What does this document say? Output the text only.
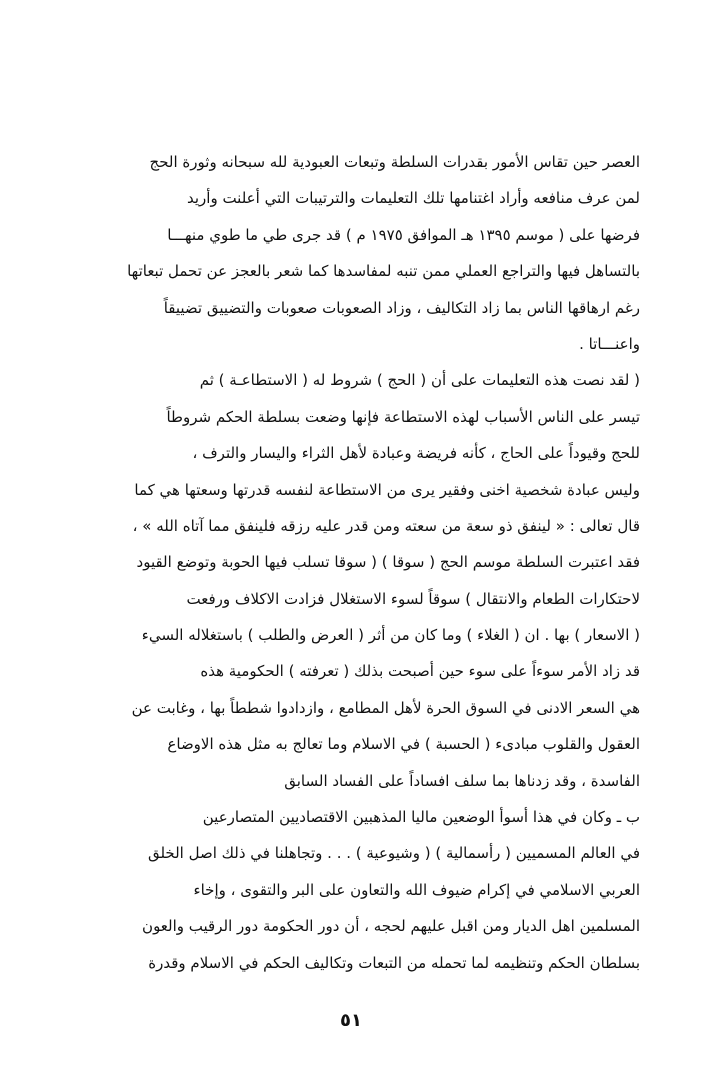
العصر حين تقاس الأمور بقدرات السلطة وتبعات العبودية لله سبحانه وثورة الحج
لمن عرف منافعه وأراد اغتنامها تلك التعليمات والترتيبات التي أعلنت وأريد
فرضها على ( موسم ١٣٩٥ هـ الموافق ١٩٧٥ م ) قد جرى طي ما طوي منهـــا
بالتساهل فيها والتراجع العملي ممن تنبه لمفاسدها كما شعر بالعجز عن تحمل تبعاتها
رغم ارهاقها الناس بما زاد التكاليف ، وزاد الصعوبات صعوبات والتضييق تضييقاً
واعنـــاتا .
( لقد نصت هذه التعليمات على أن ( الحج ) شروط له ( الاستطاعـة ) ثم
تيسر على الناس الأسباب لهذه الاستطاعة فإنها وضعت بسلطة الحكم شروطاً
للحج وقيوداً على الحاج ، كأنه فريضة وعبادة لأهل الثراء واليسار والترف ،
وليس عبادة شخصية اخنى وفقير يرى من الاستطاعة لنفسه قدرتها وسعتها هي كما
قال تعالى : « لينفق ذو سعة من سعته ومن قدر عليه رزقه فلينفق مما آتاه الله » ،
فقد اعتبرت السلطة موسم الحج ( سوقا ) ( سوقا تسلب فيها الحوبة وتوضع القيود
لاحتكارات الطعام والانتقال ) سوقاً لسوء الاستغلال فزادت الاكلاف ورفعت
( الاسعار ) بها . ان ( الغلاء ) وما كان من أثر ( العرض والطلب ) باستغلاله السيء
قد زاد الأمر سوءاً على سوء حين أصبحت بذلك ( تعرفته ) الحكومية هذه
هي السعر الادنى في السوق الحرة لأهل المطامع ، وازدادوا شططاً بها ، وغابت عن
العقول والقلوب مبادىء ( الحسبة ) في الاسلام وما تعالج به مثل هذه الاوضاع
الفاسدة ، وقد زدناها بما سلف افساداً على الفساد السابق
ب ـ وكان في هذا أسوأ الوضعين ماليا المذهبين الاقتصاديين المتصارعين
في العالم المسميين ( رأسمالية ) ( وشيوعية ) . . . وتجاهلنا في ذلك اصل الخلق
العربي الاسلامي في إكرام ضيوف الله والتعاون على البر والتقوى ، وإخاء
المسلمين اهل الديار ومن اقبل عليهم لحجه ، أن دور الحكومة دور الرقيب والعون
بسلطان الحكم وتنظيمه لما تحمله من التبعات وتكاليف الحكم في الاسلام وقدرة
٥١
